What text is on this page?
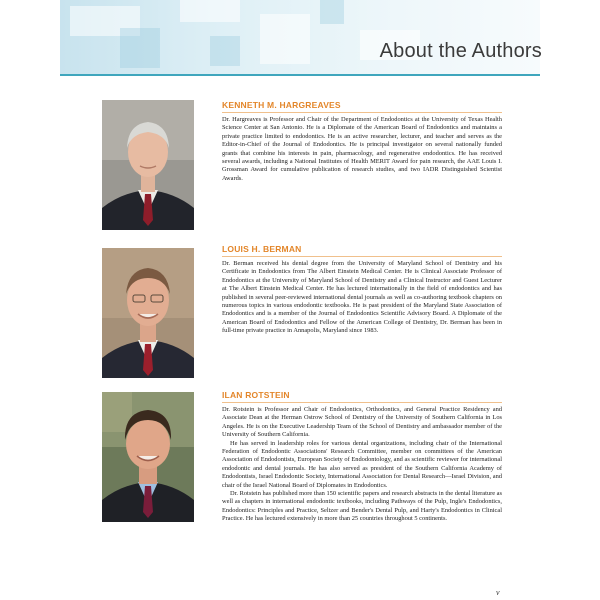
About the Authors
KENNETH M. HARGREAVES

Dr. Hargreaves is Professor and Chair of the Department of Endodontics at the University of Texas Health Science Center at San Antonio. He is a Diplomate of the American Board of Endodontics and maintains a private practice limited to endodontics. He is an active researcher, lecturer, and teacher and serves as the Editor-in-Chief of the Journal of Endodontics. He is principal investigator on several nationally funded grants that combine his interests in pain, pharmacology, and regenerative endodontics. He has received several awards, including a National Institutes of Health MERIT Award for pain research, the AAE Louis I. Grossman Award for cumulative publication of research studies, and two IADR Distinguished Scientist Awards.

LOUIS H. BERMAN

Dr. Berman received his dental degree from the University of Maryland School of Dentistry and his Certificate in Endodontics from The Albert Einstein Medical Center. He is Clinical Associate Professor of Endodontics at the University of Maryland School of Dentistry and a Clinical Instructor and Guest Lecturer at The Albert Einstein Medical Center. He has lectured internationally in the field of endodontics and has published in several peer-reviewed international dental journals as well as co-authoring textbook chapters on numerous topics in various endodontic textbooks. He is past president of the Maryland State Association of Endodontics and is a member of the Journal of Endodontics Scientific Advisory Board. A Diplomate of the American Board of Endodontics and Fellow of the American College of Dentistry, Dr. Berman has been in full-time private practice in Annapolis, Maryland since 1983.

ILAN ROTSTEIN

Dr. Rotstein is Professor and Chair of Endodontics, Orthodontics, and General Practice Residency and Associate Dean at the Herman Ostrow School of Dentistry of the University of Southern California in Los Angeles. He is on the Executive Leadership Team of the School of Dentistry and ambassador member of the University of Southern California.

He has served in leadership roles for various dental organizations, including chair of the International Federation of Endodontic Associations' Research Committee, member on committees of the American Association of Endodontists, European Society of Endodontology, and as scientific reviewer for international endodontic and dental journals. He has also served as president of the Southern California Academy of Endodontists, Israel Endodontic Society, International Association for Dental Research—Israel Division, and chair of the Israel National Board of Diplomates in Endodontics.

Dr. Rotstein has published more than 150 scientific papers and research abstracts in the dental literature as well as chapters in international endodontic textbooks, including Pathways of the Pulp, Ingle's Endodontics, Endodontics: Principles and Practice, Seltzer and Bender's Dental Pulp, and Harty's Endodontics in Clinical Practice. He has lectured extensively in more than 25 countries throughout 5 continents.

v
